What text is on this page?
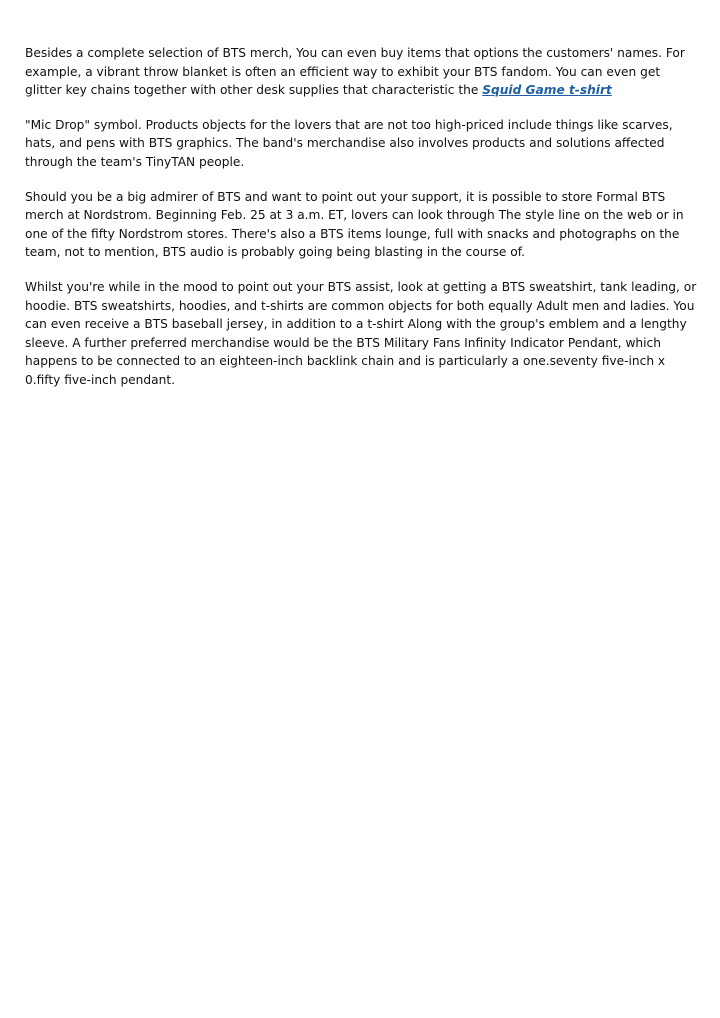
Besides a complete selection of BTS merch, You can even buy items that options the customers' names. For example, a vibrant throw blanket is often an efficient way to exhibit your BTS fandom. You can even get glitter key chains together with other desk supplies that characteristic the Squid Game t-shirt

"Mic Drop" symbol. Products objects for the lovers that are not too high-priced include things like scarves, hats, and pens with BTS graphics. The band's merchandise also involves products and solutions affected through the team's TinyTAN people.

Should you be a big admirer of BTS and want to point out your support, it is possible to store Formal BTS merch at Nordstrom. Beginning Feb. 25 at 3 a.m. ET, lovers can look through The style line on the web or in one of the fifty Nordstrom stores. There's also a BTS items lounge, full with snacks and photographs on the team, not to mention, BTS audio is probably going being blasting in the course of.

Whilst you're while in the mood to point out your BTS assist, look at getting a BTS sweatshirt, tank leading, or hoodie. BTS sweatshirts, hoodies, and t-shirts are common objects for both equally Adult men and ladies. You can even receive a BTS baseball jersey, in addition to a t-shirt Along with the group's emblem and a lengthy sleeve. A further preferred merchandise would be the BTS Military Fans Infinity Indicator Pendant, which happens to be connected to an eighteen-inch backlink chain and is particularly a one.seventy five-inch x 0.fifty five-inch pendant.
